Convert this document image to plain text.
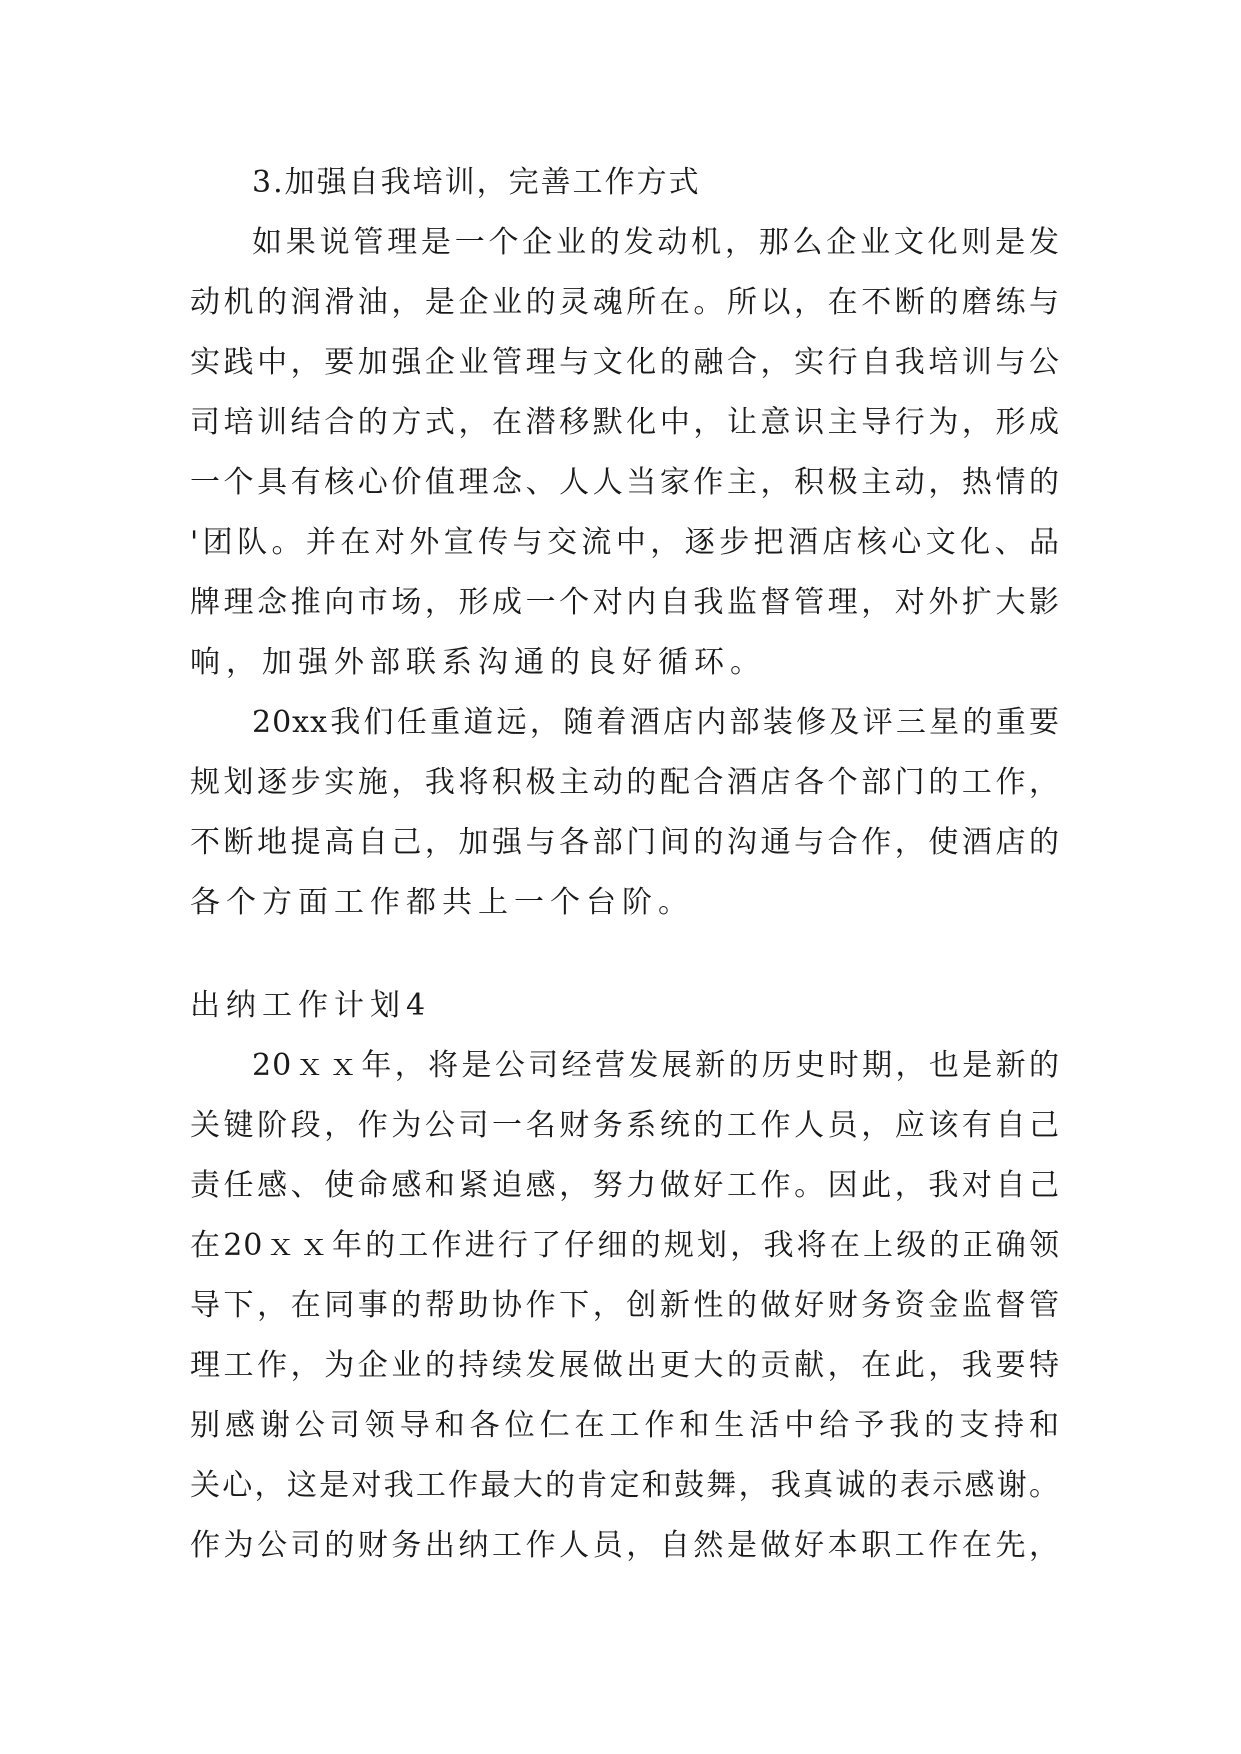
3.加强自我培训，完善工作方式
如果说管理是一个企业的发动机，那么企业文化则是发
动机的润滑油，是企业的灵魂所在。所以，在不断的磨练与
实践中，要加强企业管理与文化的融合，实行自我培训与公
司培训结合的方式，在潜移默化中，让意识主导行为，形成
一个具有核心价值理念、人人当家作主，积极主动，热情的
'团队。并在对外宣传与交流中，逐步把酒店核心文化、品
牌理念推向市场，形成一个对内自我监督管理，对外扩大影
响，加强外部联系沟通的良好循环。
20xx我们任重道远，随着酒店内部装修及评三星的重要
规划逐步实施，我将积极主动的配合酒店各个部门的工作，
不断地提高自己，加强与各部门间的沟通与合作，使酒店的
各个方面工作都共上一个台阶。
出纳工作计划4
20ｘｘ年，将是公司经营发展新的历史时期，也是新的
关键阶段，作为公司一名财务系统的工作人员，应该有自己
责任感、使命感和紧迫感，努力做好工作。因此，我对自己
在20ｘｘ年的工作进行了仔细的规划，我将在上级的正确领
导下，在同事的帮助协作下，创新性的做好财务资金监督管
理工作，为企业的持续发展做出更大的贡献，在此，我要特
别感谢公司领导和各位仁在工作和生活中给予我的支持和
关心，这是对我工作最大的肯定和鼓舞，我真诚的表示感谢。
作为公司的财务出纳工作人员，自然是做好本职工作在先，
